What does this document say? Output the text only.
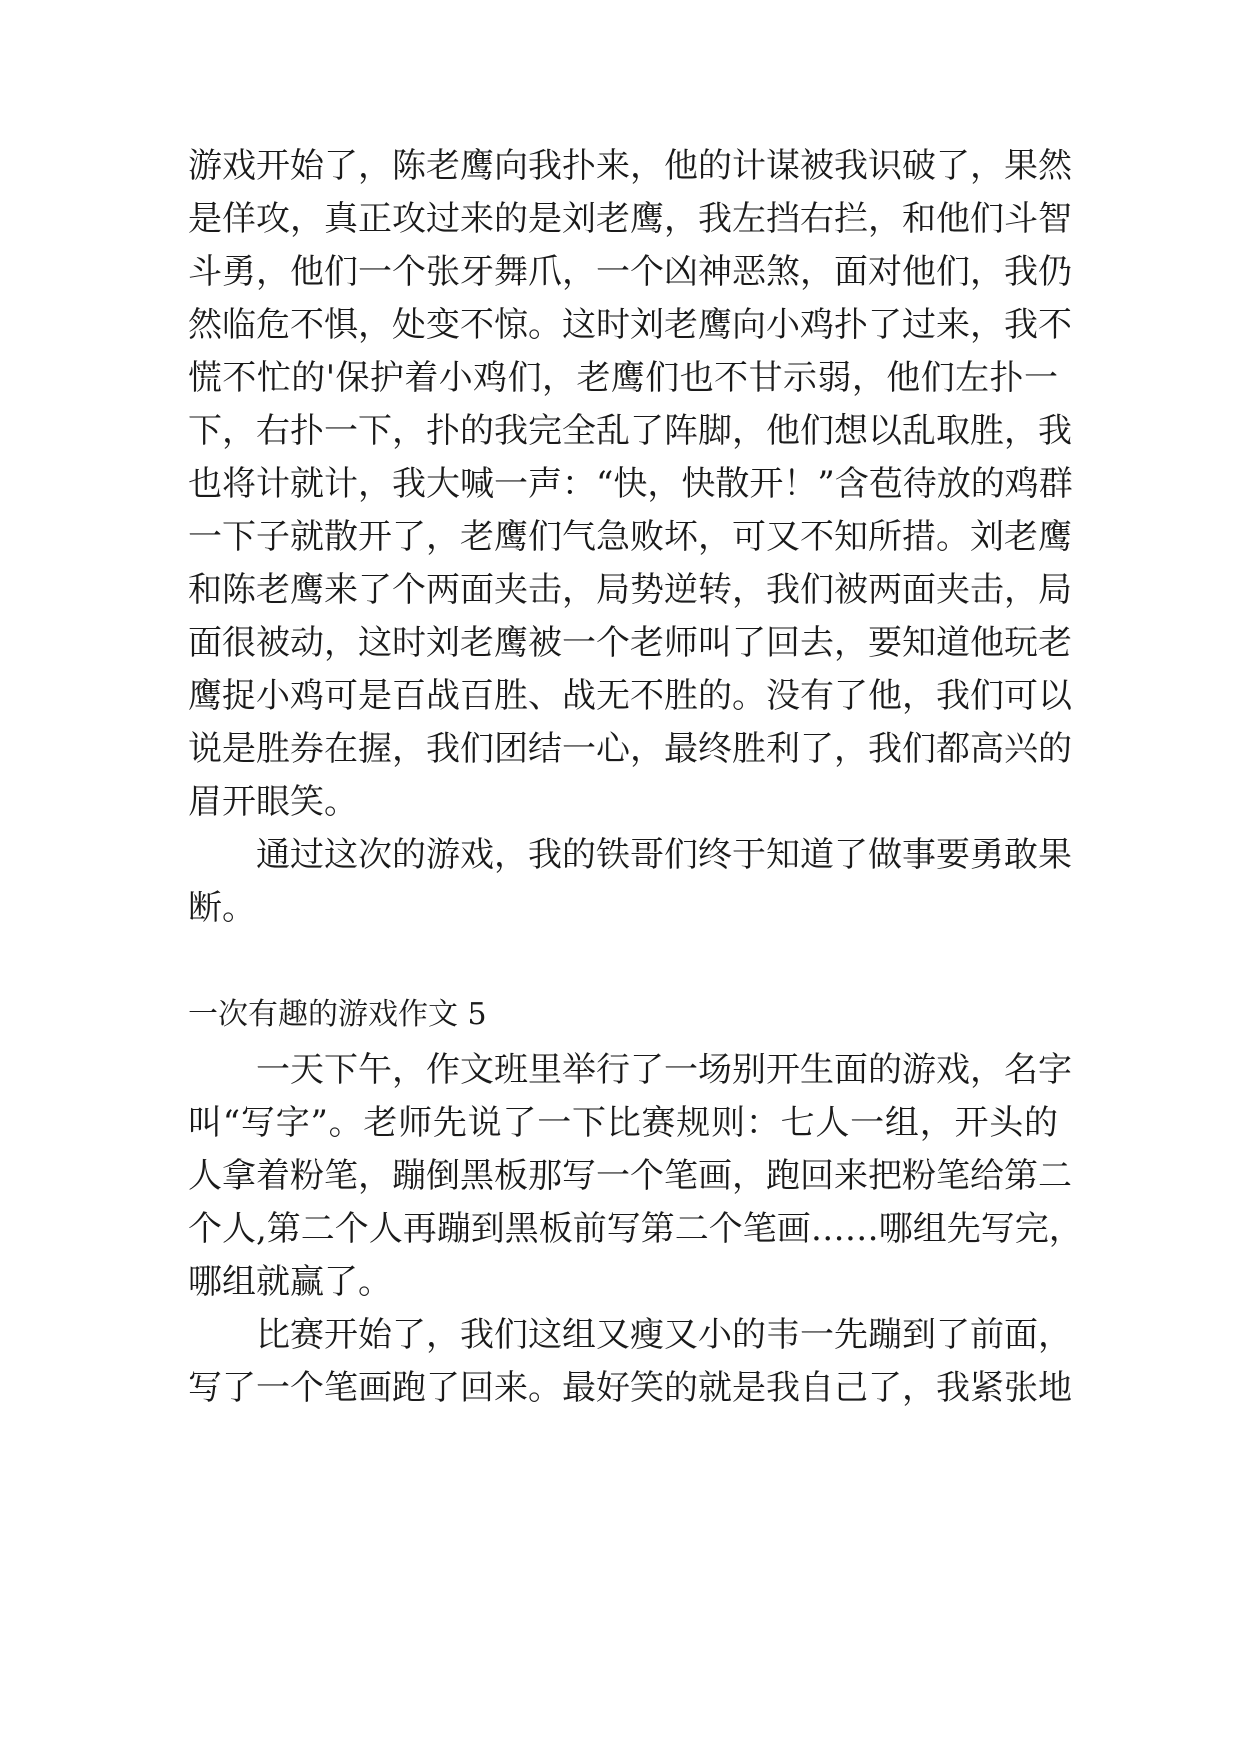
游戏开始了，陈老鹰向我扑来，他的计谋被我识破了，果然

是佯攻，真正攻过来的是刘老鹰，我左挡右拦，和他们斗智

斗勇，他们一个张牙舞爪，一个凶神恶煞，面对他们，我仍

然临危不惧，处变不惊。这时刘老鹰向小鸡扑了过来，我不

慌不忙的'保护着小鸡们，老鹰们也不甘示弱，他们左扑一

下，右扑一下，扑的我完全乱了阵脚，他们想以乱取胜，我

也将计就计，我大喊一声：“快，快散开！”含苞待放的鸡群

一下子就散开了，老鹰们气急败坏，可又不知所措。刘老鹰

和陈老鹰来了个两面夹击，局势逆转，我们被两面夹击，局

面很被动，这时刘老鹰被一个老师叫了回去，要知道他玩老

鹰捉小鸡可是百战百胜、战无不胜的。没有了他，我们可以

说是胜券在握，我们团结一心，最终胜利了，我们都高兴的

眉开眼笑。

通过这次的游戏，我的铁哥们终于知道了做事要勇敢果

断。

一次有趣的游戏作文 5

一天下午，作文班里举行了一场别开生面的游戏，名字

叫“写字”。老师先说了一下比赛规则：七人一组，开头的

人拿着粉笔，蹦倒黑板那写一个笔画，跑回来把粉笔给第二

个人,第二个人再蹦到黑板前写第二个笔画……哪组先写完，

哪组就赢了。

比赛开始了，我们这组又瘦又小的韦一先蹦到了前面，

写了一个笔画跑了回来。最好笑的就是我自己了，我紧张地
